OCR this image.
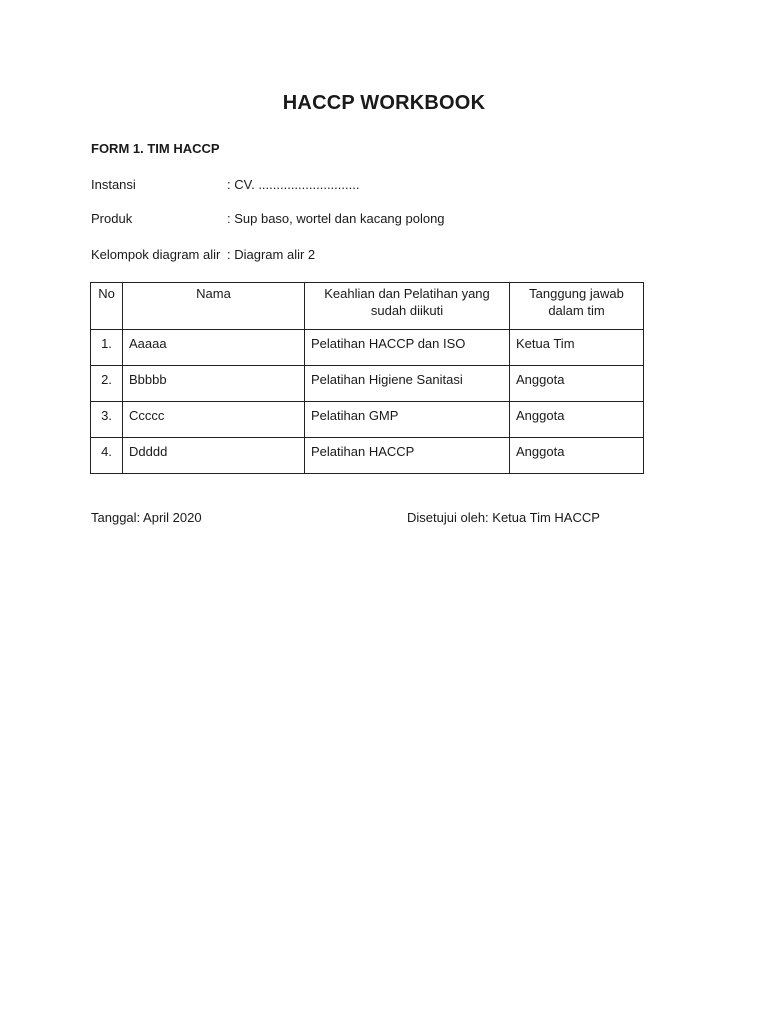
HACCP WORKBOOK
FORM 1. TIM HACCP
Instansi	: CV. ............................
Produk	: Sup baso, wortel dan kacang polong
Kelompok diagram alir : Diagram alir 2
No	Nama	Keahlian dan Pelatihan yang sudah diikuti	Tanggung jawab dalam tim
1.	Aaaaa	Pelatihan HACCP dan ISO	Ketua Tim
2.	Bbbbb	Pelatihan Higiene Sanitasi	Anggota
3.	Ccccc	Pelatihan GMP	Anggota
4.	Ddddd	Pelatihan HACCP	Anggota
Tanggal: April 2020	Disetujui oleh: Ketua Tim HACCP
